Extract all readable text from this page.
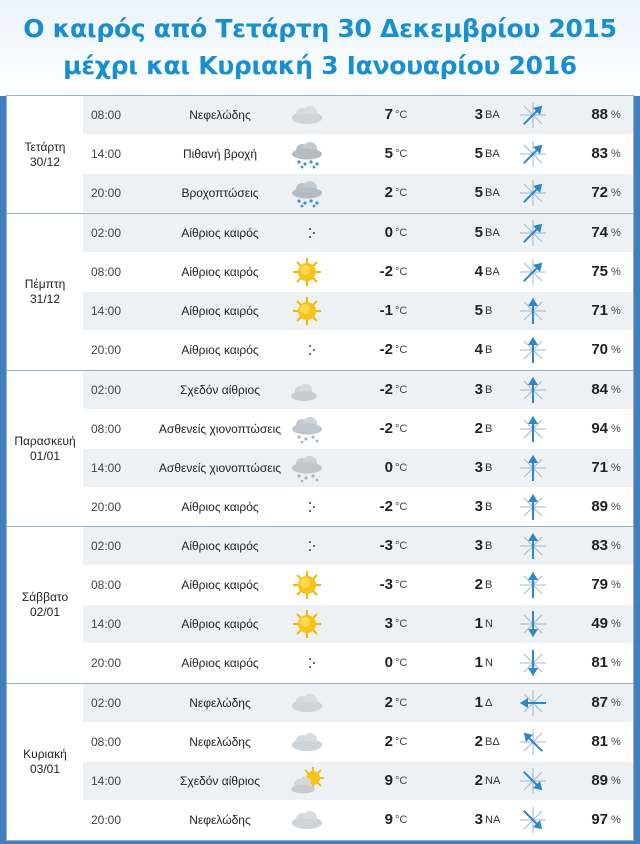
Ο καιρός από Τετάρτη 30 Δεκεμβρίου 2015
μέχρι και Κυριακή 3 Ιανουαρίου 2016
Τετάρτη
30/12
08:00	Νεφελώδης	7 °C	3 ΒΑ	88 %
14:00	Πιθανή βροχή	5 °C	5 ΒΑ	83 %
20:00	Βροχοπτώσεις	2 °C	5 ΒΑ	72 %
Πέμπτη
31/12
02:00	Αίθριος καιρός	0 °C	5 ΒΑ	74 %
08:00	Αίθριος καιρός	-2 °C	4 ΒΑ	75 %
14:00	Αίθριος καιρός	-1 °C	5 Β	71 %
20:00	Αίθριος καιρός	-2 °C	4 Β	70 %
Παρασκευή
01/01
02:00	Σχεδόν αίθριος	-2 °C	3 Β	84 %
08:00	Ασθενείς χιονοπτώσεις	-2 °C	2 Β	94 %
14:00	Ασθενείς χιονοπτώσεις	0 °C	3 Β	71 %
20:00	Αίθριος καιρός	-2 °C	3 Β	89 %
Σάββατο
02/01
02:00	Αίθριος καιρός	-3 °C	3 Β	83 %
08:00	Αίθριος καιρός	-3 °C	2 Β	79 %
14:00	Αίθριος καιρός	3 °C	1 Ν	49 %
20:00	Αίθριος καιρός	0 °C	1 Ν	81 %
Κυριακή
03/01
02:00	Νεφελώδης	2 °C	1 Δ	87 %
08:00	Νεφελώδης	2 °C	2 ΒΔ	81 %
14:00	Σχεδόν αίθριος	9 °C	2 ΝΑ	89 %
20:00	Νεφελώδης	9 °C	3 ΝΑ	97 %
